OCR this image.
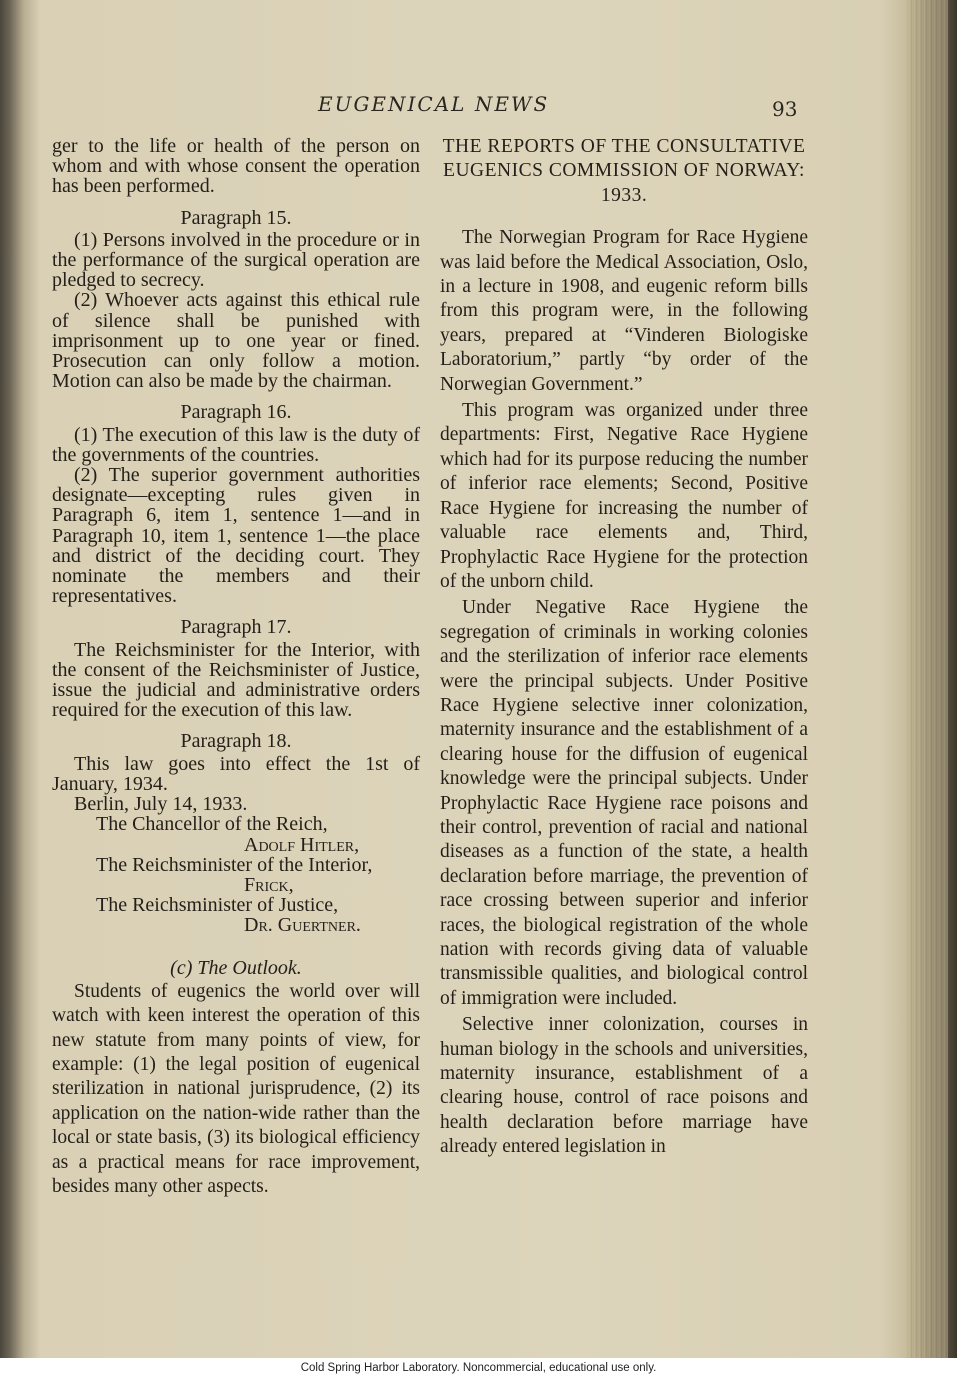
EUGENICAL NEWS	93

ger to the life or health of the person on whom and with whose consent the operation has been performed.

Paragraph 15.

(1) Persons involved in the procedure or in the performance of the surgical operation are pledged to secrecy.

(2) Whoever acts against this ethical rule of silence shall be punished with imprisonment up to one year or fined. Prosecution can only follow a motion. Motion can also be made by the chairman.

Paragraph 16.

(1) The execution of this law is the duty of the governments of the countries.

(2) The superior government authorities designate—excepting rules given in Paragraph 6, item 1, sentence 1—and in Paragraph 10, item 1, sentence 1—the place and district of the deciding court. They nominate the members and their representatives.

Paragraph 17.

The Reichsminister for the Interior, with the consent of the Reichsminister of Justice, issue the judicial and administrative orders required for the execution of this law.

Paragraph 18.

This law goes into effect the 1st of January, 1934.

Berlin, July 14, 1933.

The Chancellor of the Reich,

Adolf Hitler,

The Reichsminister of the Interior,

Frick,

The Reichsminister of Justice,

Dr. Guertner.

(c) The Outlook.

Students of eugenics the world over will watch with keen interest the operation of this new statute from many points of view, for example: (1) the legal position of eugenical sterilization in national jurisprudence, (2) its application on the nation-wide rather than the local or state basis, (3) its biological efficiency as a practical means for race improvement, besides many other aspects.

THE REPORTS OF THE CONSULTATIVE EUGENICS COMMISSION OF NORWAY: 1933.

The Norwegian Program for Race Hygiene was laid before the Medical Association, Oslo, in a lecture in 1908, and eugenic reform bills from this program were, in the following years, prepared at “Vinderen Biologiske Laboratorium,” partly “by order of the Norwegian Government.”

This program was organized under three departments: First, Negative Race Hygiene which had for its purpose reducing the number of inferior race elements; Second, Positive Race Hygiene for increasing the number of valuable race elements and, Third, Prophylactic Race Hygiene for the protection of the unborn child.

Under Negative Race Hygiene the segregation of criminals in working colonies and the sterilization of inferior race elements were the principal subjects. Under Positive Race Hygiene selective inner colonization, maternity insurance and the establishment of a clearing house for the diffusion of eugenical knowledge were the principal subjects. Under Prophylactic Race Hygiene race poisons and their control, prevention of racial and national diseases as a function of the state, a health declaration before marriage, the prevention of race crossing between superior and inferior races, the biological registration of the whole nation with records giving data of valuable transmissible qualities, and biological control of immigration were included.

Selective inner colonization, courses in human biology in the schools and universities, maternity insurance, establishment of a clearing house, control of race poisons and health declaration before marriage have already entered legislation in

Cold Spring Harbor Laboratory. Noncommercial, educational use only.
